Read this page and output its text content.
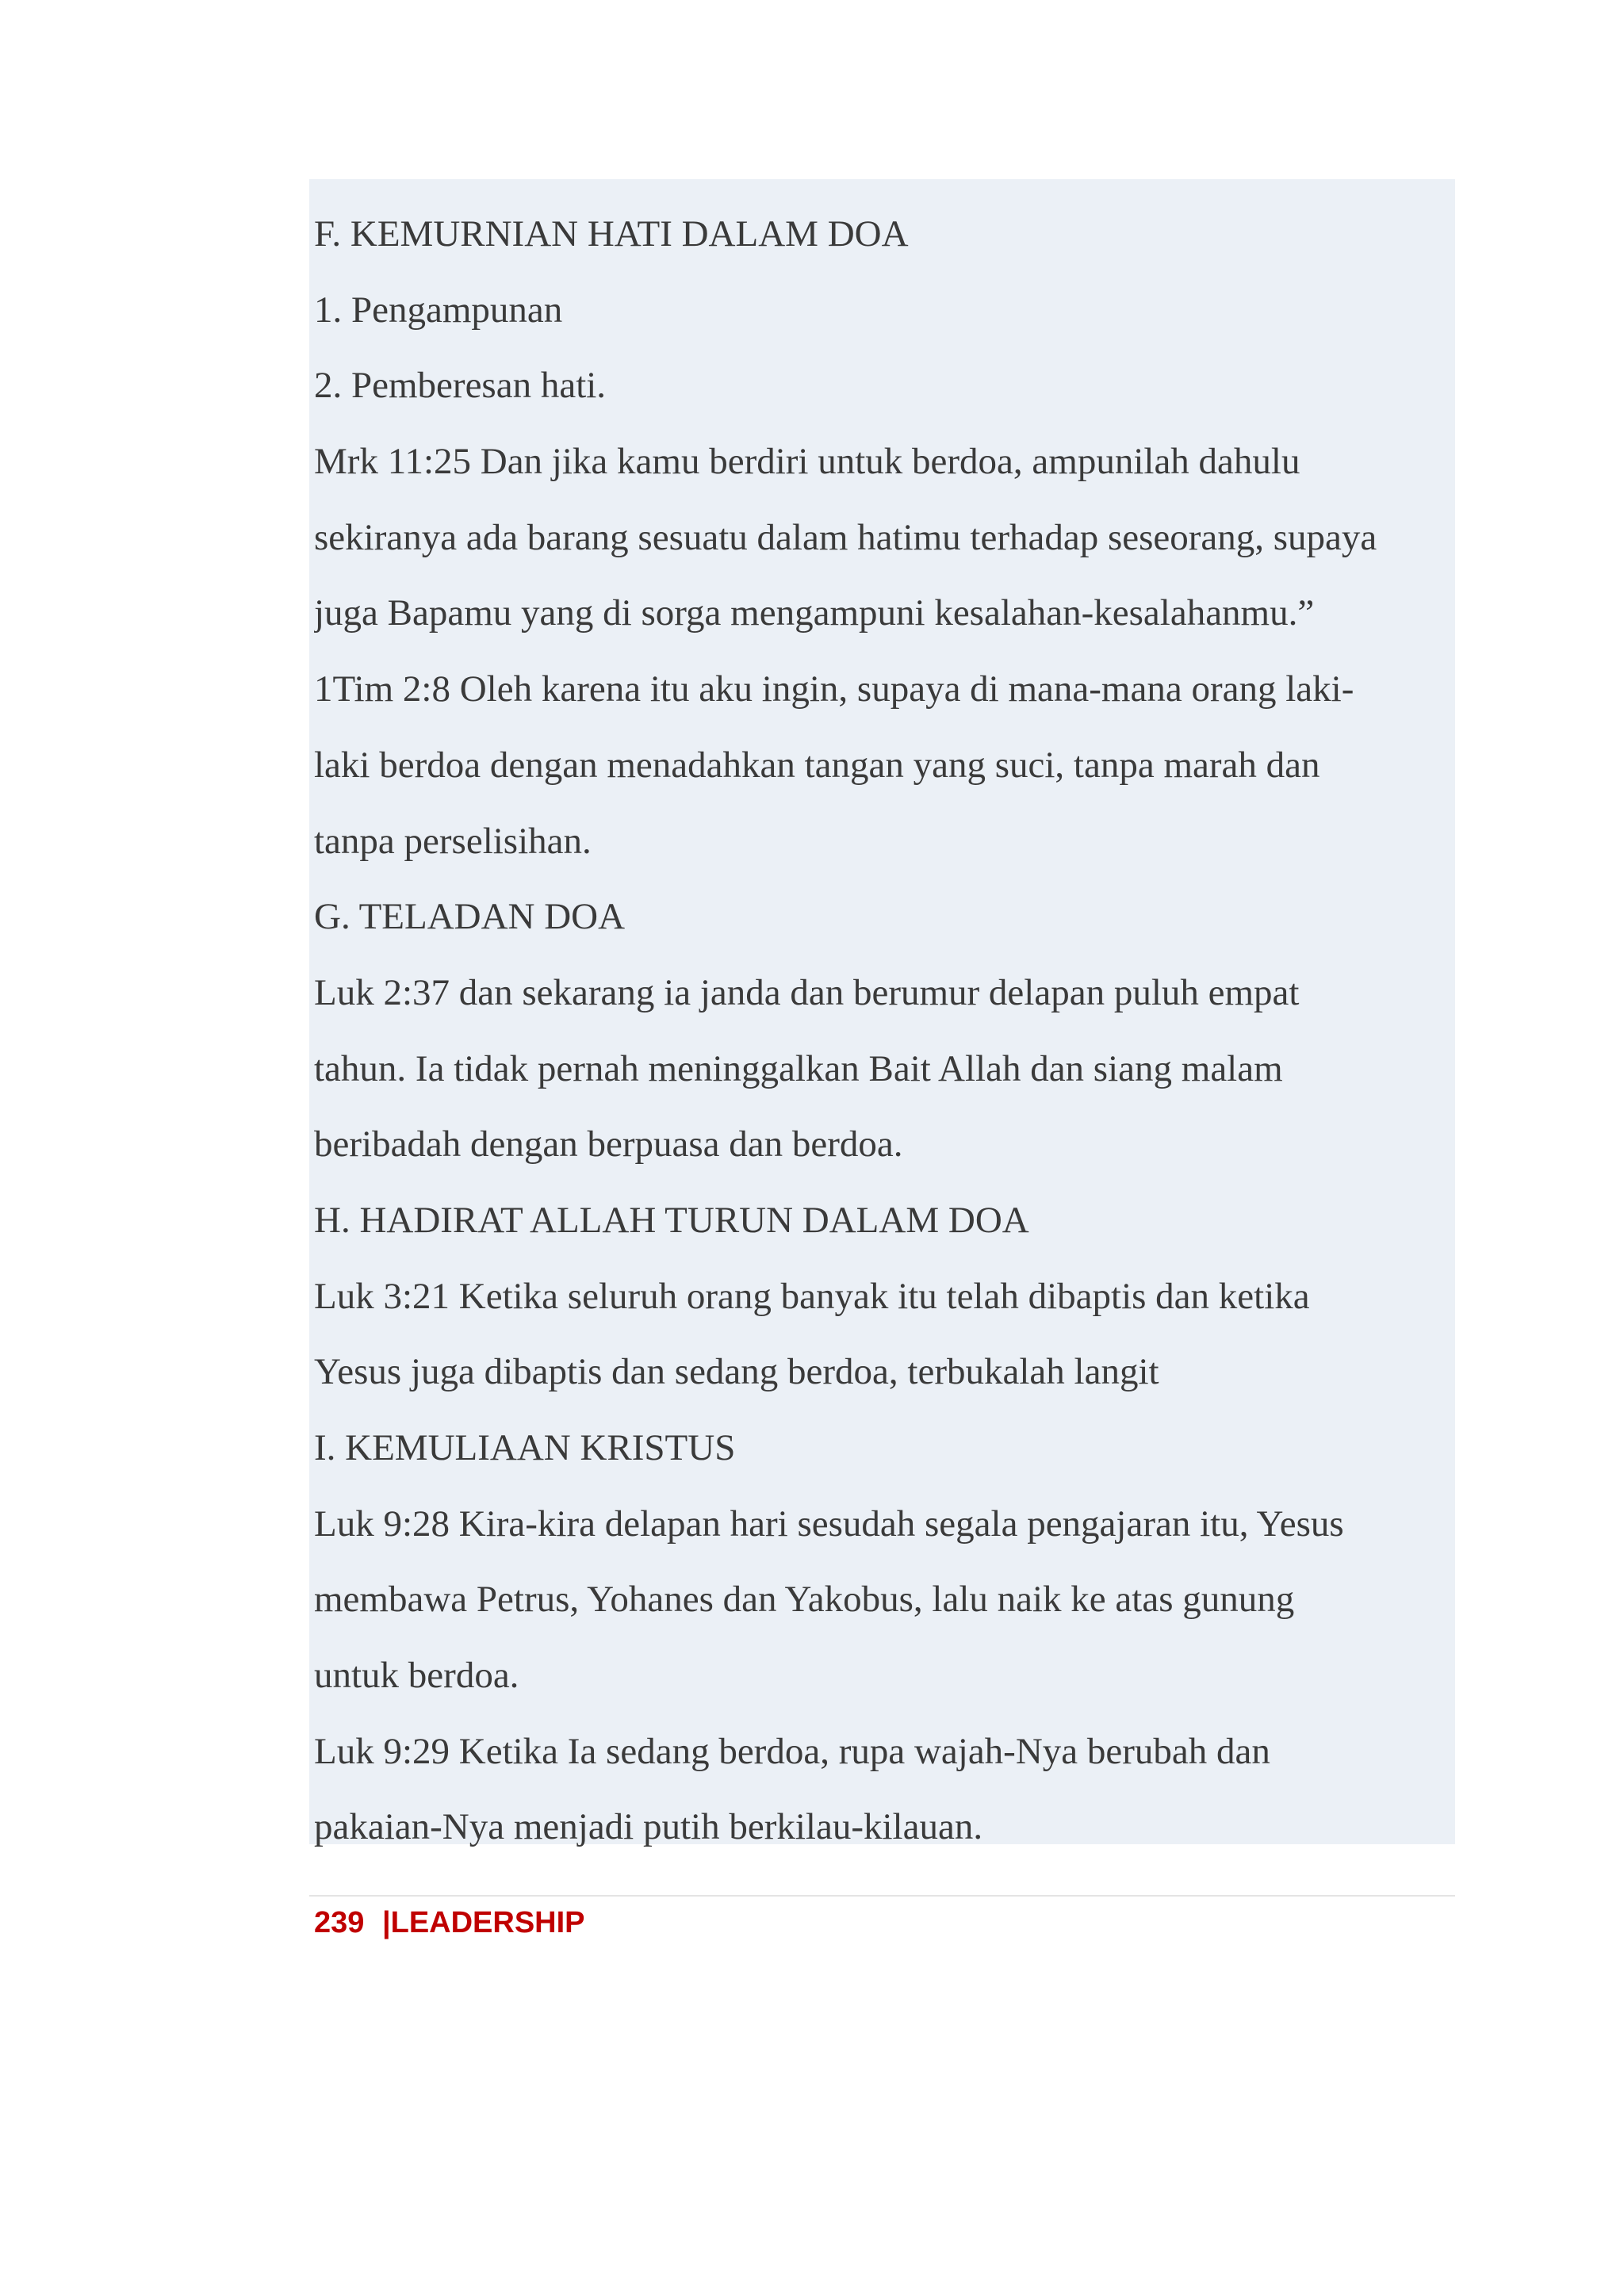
F. KEMURNIAN HATI DALAM DOA
1. Pengampunan
2. Pemberesan hati.
Mrk 11:25 Dan jika kamu berdiri untuk berdoa, ampunilah dahulu
sekiranya ada barang sesuatu dalam hatimu terhadap seseorang, supaya
juga Bapamu yang di sorga mengampuni kesalahan-kesalahanmu.”
1Tim 2:8 Oleh karena itu aku ingin, supaya di mana-mana orang laki-
laki berdoa dengan menadahkan tangan yang suci, tanpa marah dan
tanpa perselisihan.
G. TELADAN DOA
Luk 2:37 dan sekarang ia janda dan berumur delapan puluh empat
tahun. Ia tidak pernah meninggalkan Bait Allah dan siang malam
beribadah dengan berpuasa dan berdoa.
H. HADIRAT ALLAH TURUN DALAM DOA
Luk 3:21 Ketika seluruh orang banyak itu telah dibaptis dan ketika
Yesus juga dibaptis dan sedang berdoa, terbukalah langit
I. KEMULIAAN KRISTUS
Luk 9:28 Kira-kira delapan hari sesudah segala pengajaran itu, Yesus
membawa Petrus, Yohanes dan Yakobus, lalu naik ke atas gunung
untuk berdoa.
Luk 9:29 Ketika Ia sedang berdoa, rupa wajah-Nya berubah dan
pakaian-Nya menjadi putih berkilau-kilauan.
239 |LEADERSHIP
